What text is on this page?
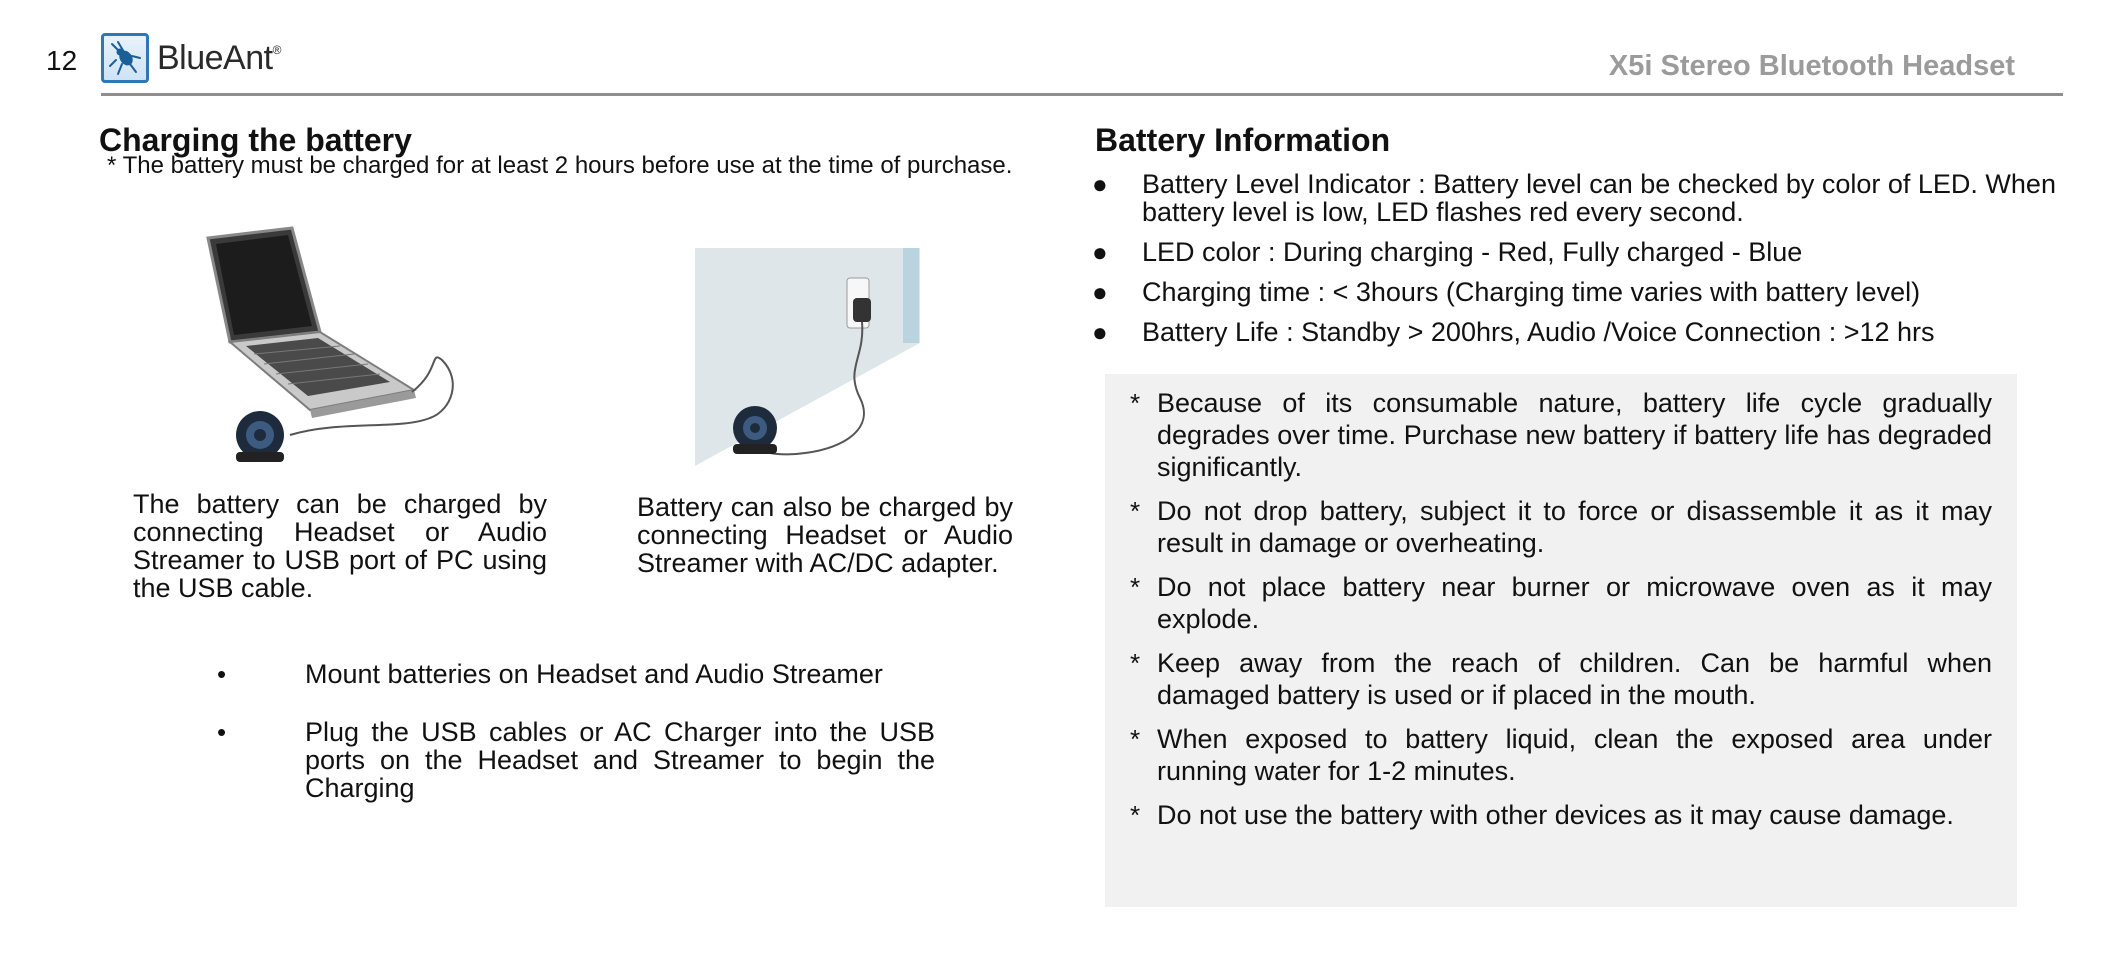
12 BlueAnt®
X5i Stereo Bluetooth Headset
Charging the battery
* The battery must be charged for at least 2 hours before use at the time of purchase.
The battery can be charged by connecting Headset or Audio Streamer to USB port of PC using the USB cable.
Battery can also be charged by connecting Headset or Audio Streamer with AC/DC adapter.
•	Mount batteries on Headset and Audio Streamer
•	Plug the USB cables or AC Charger into the USB ports on the Headset and Streamer to begin the Charging
Battery Information
●	Battery Level Indicator : Battery level can be checked by color of LED. When battery level is low, LED flashes red every second.
●	LED color : During charging - Red, Fully charged - Blue
●	Charging time : < 3hours (Charging time varies with battery level)
●	Battery Life : Standby > 200hrs, Audio /Voice Connection : >12 hrs
* Because of its consumable nature, battery life cycle gradually degrades over time. Purchase new battery if battery life has degraded significantly.
* Do not drop battery, subject it to force or disassemble it as it may result in damage or overheating.
* Do not place battery near burner or microwave oven as it may explode.
* Keep away from the reach of children. Can be harmful when damaged battery is used or if placed in the mouth.
* When exposed to battery liquid, clean the exposed area under running water for 1-2 minutes.
* Do not use the battery with other devices as it may cause damage.
